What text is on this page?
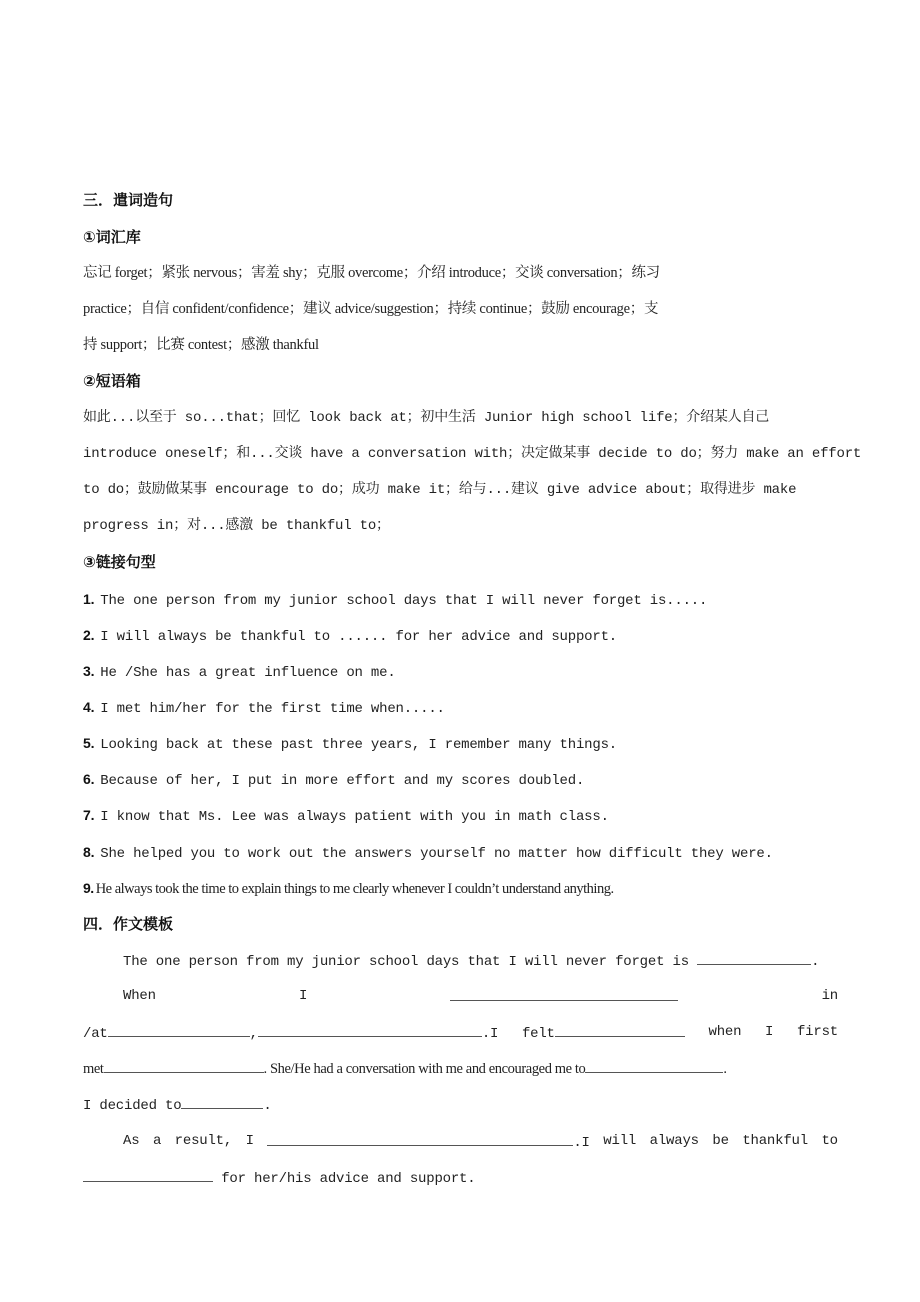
三．遣词造句
①词汇库
忘记 forget；紧张 nervous；害羞 shy；克服 overcome；介绍 introduce；交谈 conversation；练习
practice；自信 confident/confidence；建议 advice/suggestion；持续 continue；鼓励 encourage；支
持 support；比赛 contest；感激 thankful
②短语箱
如此...以至于 so...that；回忆 look back at；初中生活 Junior high school life；介绍某人自己
introduce oneself；和...交谈 have a conversation with；决定做某事 decide to do；努力 make an effort
to do；鼓励做某事 encourage to do；成功 make it；给与...建议 give advice about；取得进步 make
progress in；对...感激 be thankful to；
③链接句型
1. The one person from my junior school days that I will never forget is.....
2. I will always be thankful to ...... for her advice and support.
3. He /She has a great influence on me.
4. I met him/her for the first time when.....
5. Looking back at these past three years, I remember many things.
6. Because of her, I put in more effort and my scores doubled.
7. I know that Ms. Lee was always patient with you in math class.
8. She helped you to work out the answers yourself no matter how difficult they were.
9. He always took the time to explain things to me clearly whenever I couldn’t understand anything.
四．作文模板
The one person from my junior school days that I will never forget is	.
When	I	in
/at	,	.I felt	when I first
met	. She/He had a conversation with me and encouraged me to	.
I decided to	.
As a result, I	.I will always be thankful to
for her/his advice and support.
